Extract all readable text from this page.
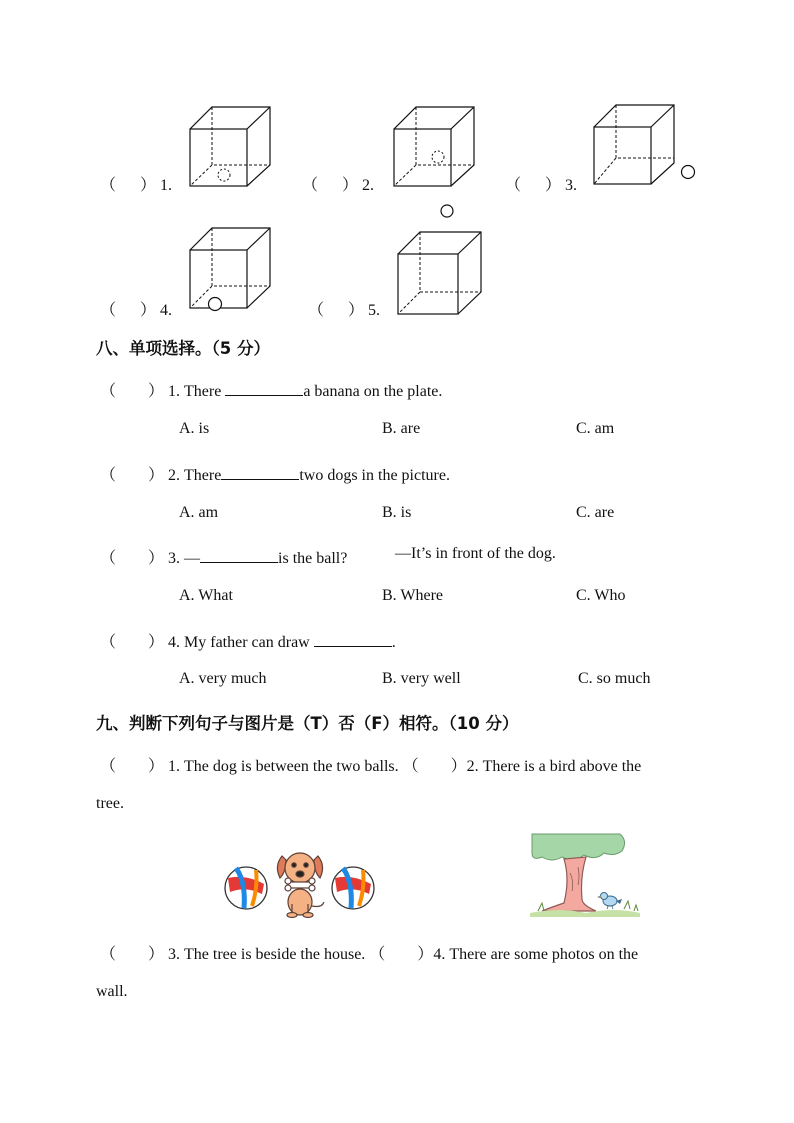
（ ） 1.	（ ） 2.	（ ） 3.
（ ） 4.	（ ） 5.
八、单项选择。（5 分）
（　　） 1. There	a banana on the plate.
A. is	B. are	C. am
（　　） 2. There	two dogs in the picture.
A. am	B. is	C. are
（　　） 3. —	is the ball?	—It’s in front of the dog.
A. What	B. Where	C. Who
（　　） 4. My father can draw	.
A. very much	B. very well	C. so much
九、判断下列句子与图片是（T）否（F）相符。（10 分）
（　　） 1. The dog is between the two balls. （　　）2. There is a bird above the
tree.
（　　） 3. The tree is beside the house. （　　）4. There are some photos on the
wall.
